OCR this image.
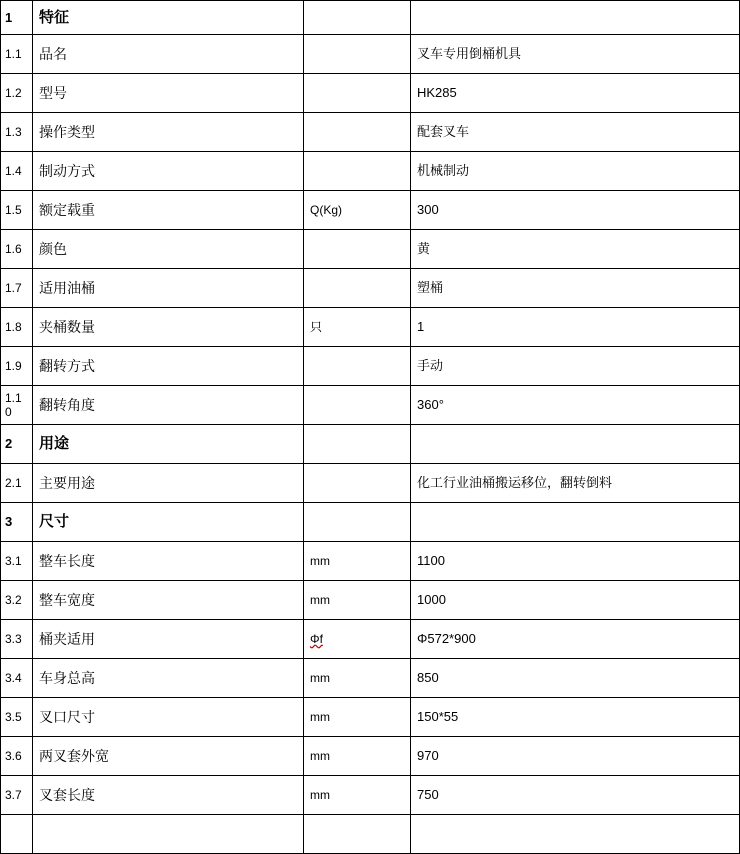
1	特征		
1.1	品名		叉车专用倒桶机具
1.2	型号		HK285
1.3	操作类型		配套叉车
1.4	制动方式		机械制动
1.5	额定载重	Q(Kg)	300
1.6	颜色		黄
1.7	适用油桶		塑桶
1.8	夹桶数量	只	1
1.9	翻转方式		手动
1.10	翻转角度		360°
2	用途		
2.1	主要用途		化工行业油桶搬运移位，翻转倒料
3	尺寸		
3.1	整车长度	mm	1100
3.2	整车宽度	mm	1000
3.3	桶夹适用	Φf	Φ572*900
3.4	车身总高	mm	850
3.5	叉口尺寸	mm	150*55
3.6	两叉套外宽	mm	970
3.7	叉套长度	mm	750
